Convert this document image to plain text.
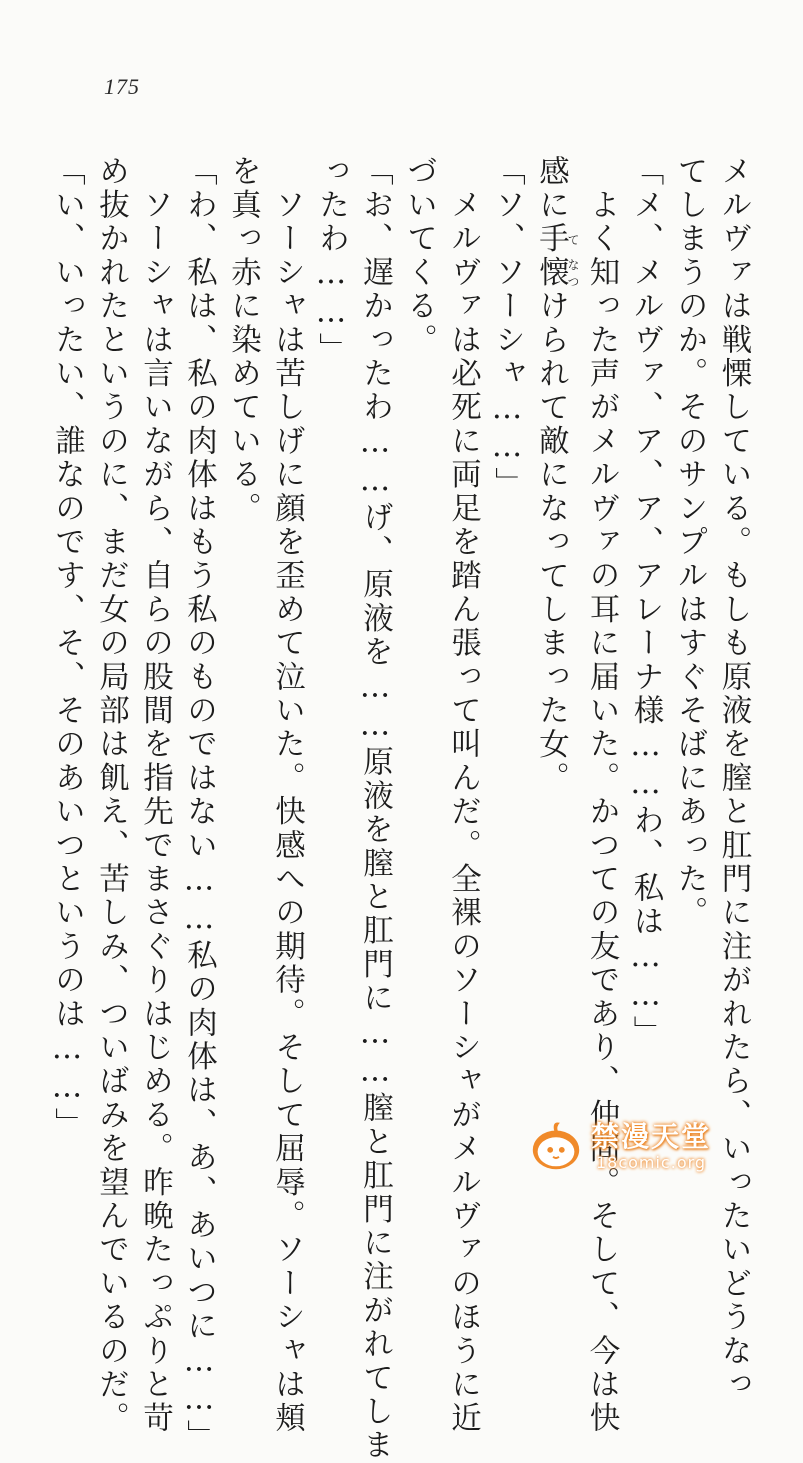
175

メルヴァは戦慄している。もしも原液を膣と肛門に注がれたら、いったいどうなっ

てしまうのか。そのサンプルはすぐそばにあった。

「メ、メルヴァ、ア、ア、アレーナ様……わ、私は……」

　よく知った声がメルヴァの耳に届いた。かつての友であり、仲間。そして、今は快

感に手て懐なつけられて敵になってしまった女。

「ソ、ソーシャ……」

　メルヴァは必死に両足を踏ん張って叫んだ。全裸のソーシャがメルヴァのほうに近

づいてくる。

「お、遅かったわ……げ、原液を……原液を膣と肛門に……膣と肛門に注がれてしま

ったわ……」

　ソーシャは苦しげに顔を歪めて泣いた。快感への期待。そして屈辱。ソーシャは頬

を真っ赤に染めている。

「わ、私は、私の肉体はもう私のものではない……私の肉体は、あ、あいつに……」

　ソーシャは言いながら、自らの股間を指先でまさぐりはじめる。昨晩たっぷりと苛

め抜かれたというのに、まだ女の局部は飢え、苦しみ、ついばみを望んでいるのだ。

「い、いったい、誰なのです、そ、そのあいつというのは……」	禁漫天堂
18comic.org
